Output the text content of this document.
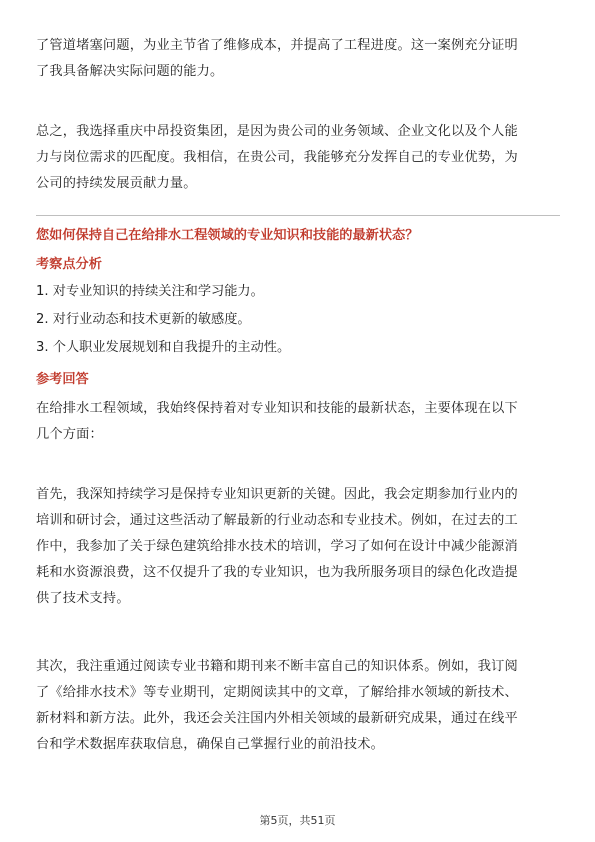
了管道堵塞问题，为业主节省了维修成本，并提高了工程进度。这一案例充分证明
了我具备解决实际问题的能力。
总之，我选择重庆中昂投资集团，是因为贵公司的业务领域、企业文化以及个人能
力与岗位需求的匹配度。我相信，在贵公司，我能够充分发挥自己的专业优势，为
公司的持续发展贡献力量。

您如何保持自己在给排水工程领域的专业知识和技能的最新状态？

考察点分析

1. 对专业知识的持续关注和学习能力。

2. 对行业动态和技术更新的敏感度。

3. 个人职业发展规划和自我提升的主动性。

参考回答

在给排水工程领域，我始终保持着对专业知识和技能的最新状态，主要体现在以下
几个方面：
首先，我深知持续学习是保持专业知识更新的关键。因此，我会定期参加行业内的
培训和研讨会，通过这些活动了解最新的行业动态和专业技术。例如，在过去的工
作中，我参加了关于绿色建筑给排水技术的培训，学习了如何在设计中减少能源消
耗和水资源浪费，这不仅提升了我的专业知识，也为我所服务项目的绿色化改造提
供了技术支持。
其次，我注重通过阅读专业书籍和期刊来不断丰富自己的知识体系。例如，我订阅
了《给排水技术》等专业期刊，定期阅读其中的文章，了解给排水领域的新技术、
新材料和新方法。此外，我还会关注国内外相关领域的最新研究成果，通过在线平
台和学术数据库获取信息，确保自己掌握行业的前沿技术。
第5页，共51页
